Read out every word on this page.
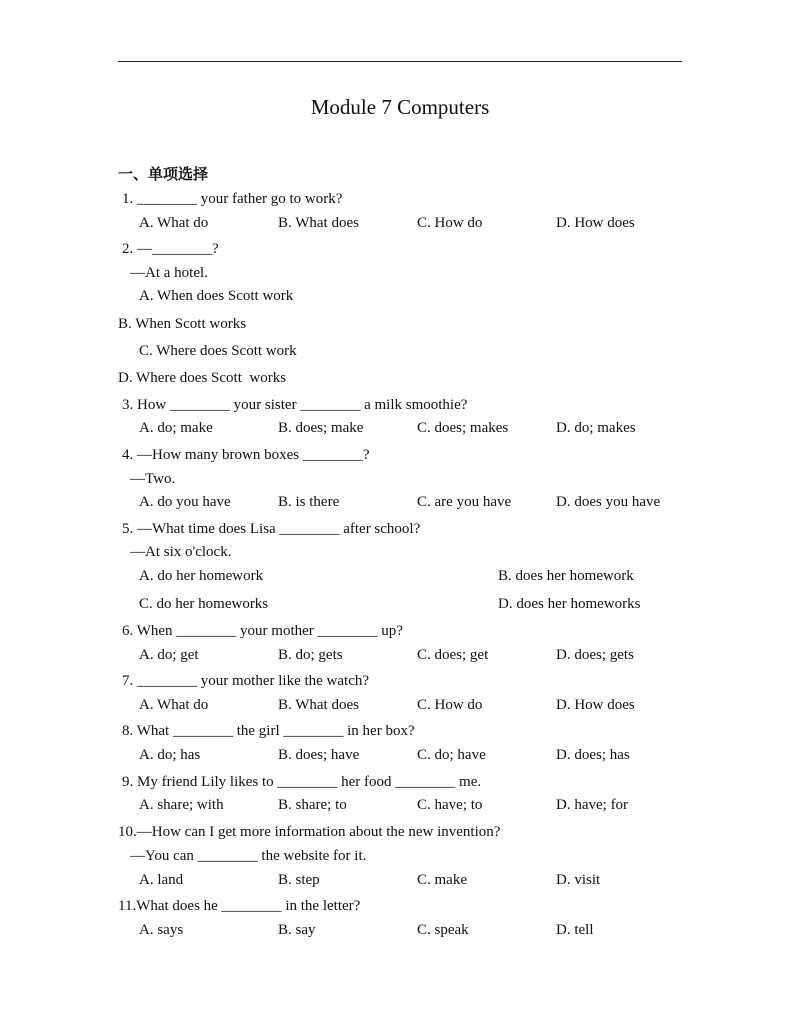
Module 7 Computers
一、单项选择
1. ________ your father go to work?
A. What do	B. What does	C. How do	D. How does
2. —________?
—At a hotel.
A. When does Scott work
B. When Scott works
C. Where does Scott work
D. Where does Scott  works
3. How ________ your sister ________ a milk smoothie?
A. do; make	B. does; make	C. does; makes	D. do; makes
4. —How many brown boxes ________?
—Two.
A. do you have	B. is there	C. are you have	D. does you have
5. —What time does Lisa ________ after school?
—At six o'clock.
A. do her homework	B. does her homework
C. do her homeworks	D. does her homeworks
6. When ________ your mother ________ up?
A. do; get	B. do; gets	C. does; get	D. does; gets
7. ________ your mother like the watch?
A. What do	B. What does	C. How do	D. How does
8. What ________ the girl ________ in her box?
A. do; has	B. does; have	C. do; have	D. does; has
9. My friend Lily likes to ________ her food ________ me.
A. share; with	B. share; to	C. have; to	D. have; for
10.—How can I get more information about the new invention?
—You can ________ the website for it.
A. land	B. step	C. make	D. visit
11.What does he ________ in the letter?
A. says	B. say	C. speak	D. tell
